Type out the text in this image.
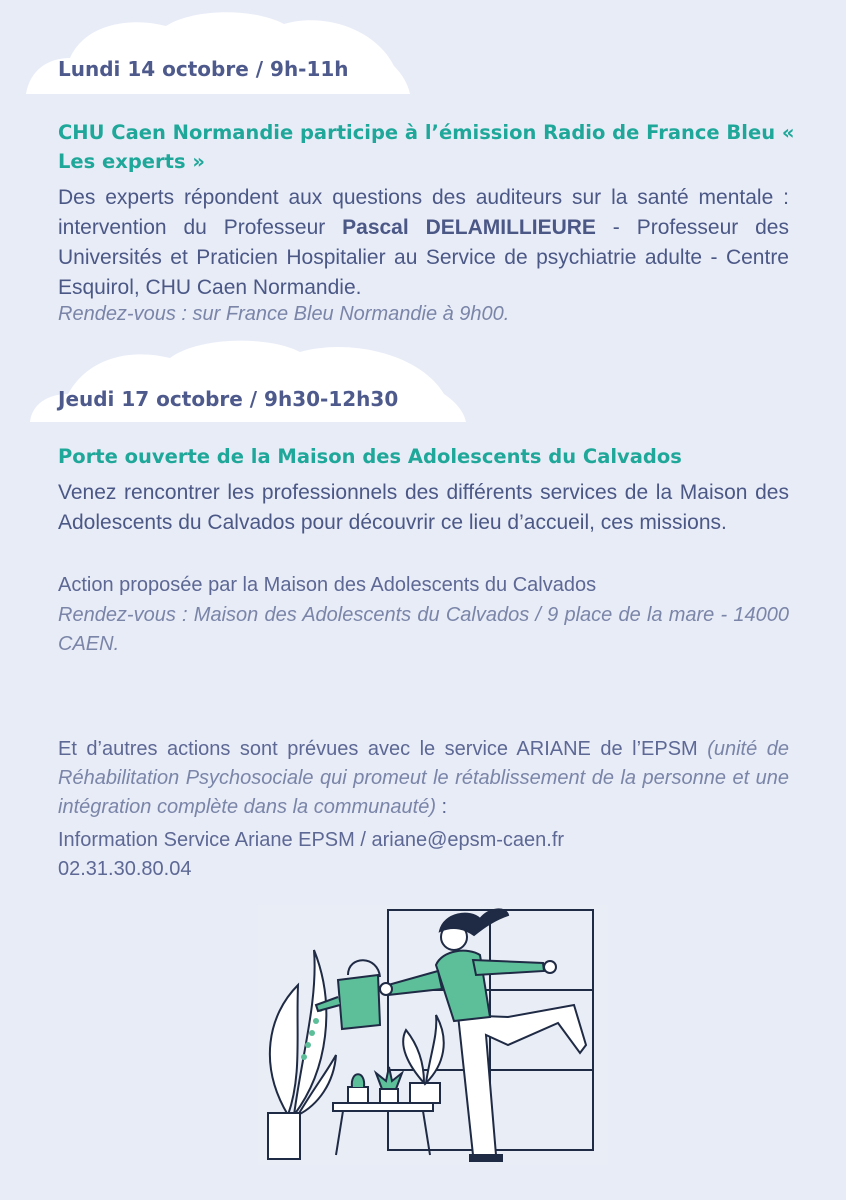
Lundi 14 octobre / 9h-11h

CHU Caen Normandie participe à l’émission Radio de France Bleu « Les experts »

Des experts répondent aux questions des auditeurs sur la santé mentale : intervention du Professeur Pascal DELAMILLIEURE - Professeur des Universités et Praticien Hospitalier au Service de psychiatrie adulte - Centre Esquirol, CHU Caen Normandie.

Rendez-vous : sur France Bleu Normandie à 9h00.

Jeudi 17 octobre / 9h30-12h30

Porte ouverte de la Maison des Adolescents du Calvados

Venez rencontrer les professionnels des différents services de la Maison des Adolescents du Calvados pour découvrir ce lieu d’accueil, ces missions.

Action proposée par la Maison des Adolescents du Calvados

Rendez-vous : Maison des Adolescents du Calvados / 9 place de la mare - 14000 CAEN.

Et d’autres actions sont prévues avec le service ARIANE de l’EPSM (unité de Réhabilitation Psychosociale qui promeut le rétablissement de la personne et une intégration complète dans la communauté) :

Information Service Ariane EPSM / ariane@epsm-caen.fr
02.31.30.80.04
